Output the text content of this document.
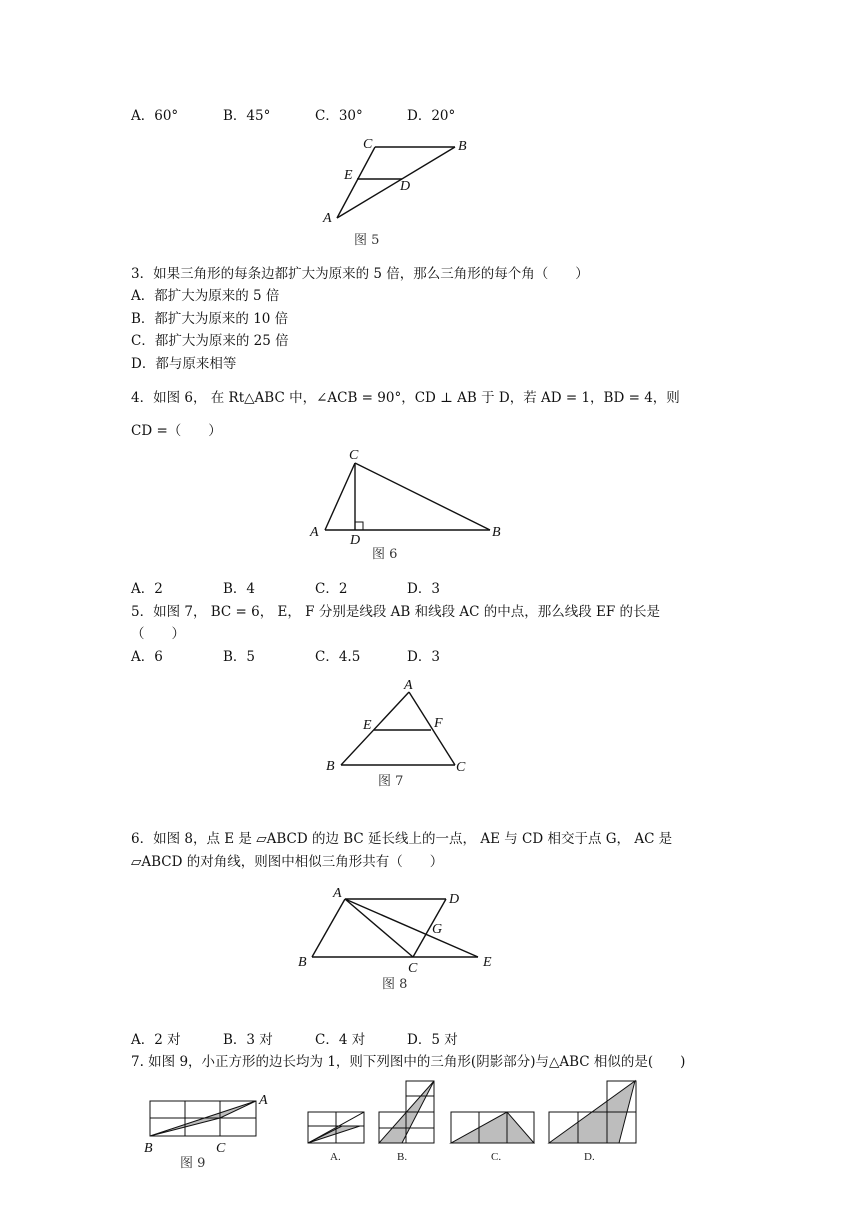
A．60°	B．45°	C．30°	D．20°
C	B
E
D
A
图 5
3．如果三角形的每条边都扩大为原来的 5 倍，那么三角形的每个角（　　）
A．都扩大为原来的 5 倍
B．都扩大为原来的 10 倍
C．都扩大为原来的 25 倍
D．都与原来相等
4．如图 6， 在 Rt△ABC 中，∠ACB = 90°，CD ⊥ AB 于 D，若 AD = 1，BD = 4，则
CD =（　　）
C
A
D
B
图 6
A．2	B．4	C．2	D．3
5．如图 7， BC = 6， E， F 分别是线段 AB 和线段 AC 的中点，那么线段 EF 的长是
（　　）
A．6	B．5	C．4.5	D．3
A
E	F
B	C
图 7
6．如图 8，点 E 是 ▱ABCD 的边 BC 延长线上的一点， AE 与 CD 相交于点 G， AC 是
▱ABCD 的对角线，则图中相似三角形共有（　　）
A	D
G
B	C	E
图 8
A．2 对	B．3 对	C．4 对	D．5 对
7. 如图 9，小正方形的边长均为 1，则下列图中的三角形(阴影部分)与△ABC 相似的是(　　)
A
B	C
图 9	A.	B.	C.	D.
